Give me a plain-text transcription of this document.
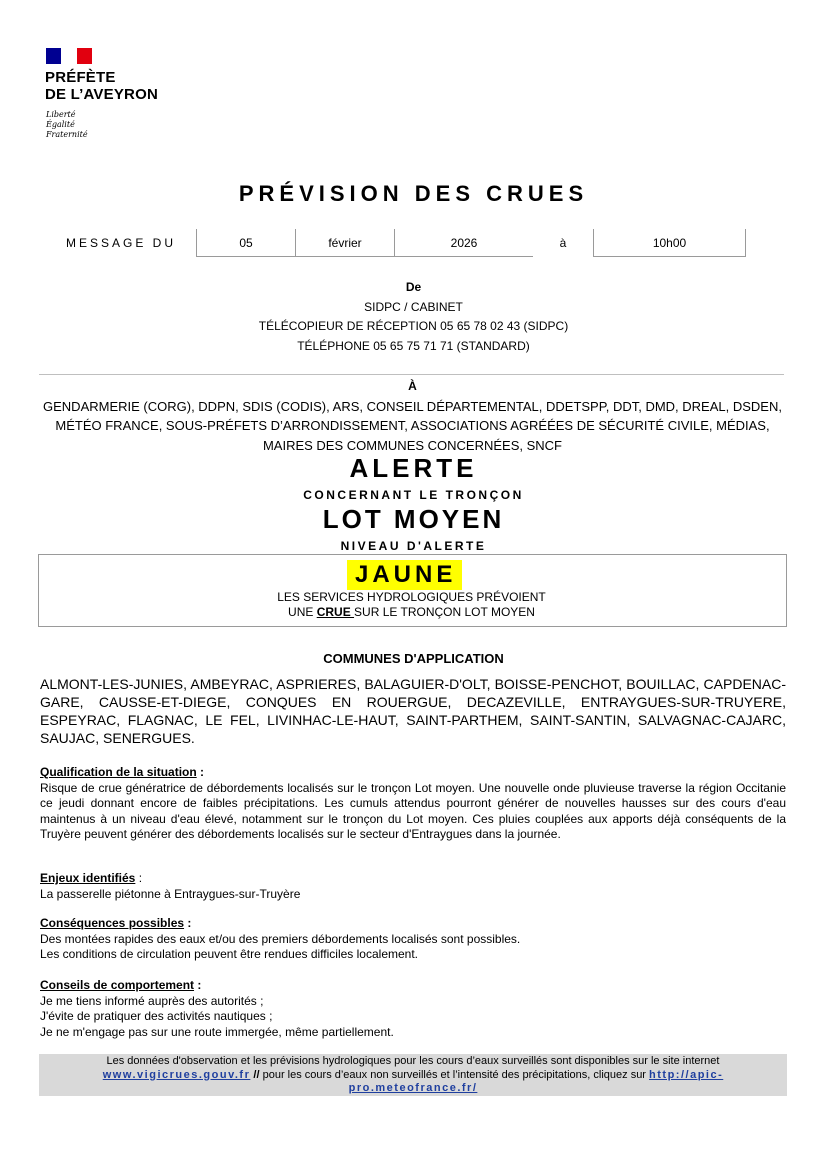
PRÉFÈTE
DE L’AVEYRON
Liberté
Égalité
Fraternité
PRÉVISION DES CRUES
MESSAGE DU	05	février	2026	à	10h00
De
SIDPC / CABINET
TÉLÉCOPIEUR DE RÉCEPTION 05 65 78 02 43 (SIDPC)
TÉLÉPHONE 05 65 75 71 71 (STANDARD)
À
GENDARMERIE (CORG), DDPN, SDIS (CODIS), ARS, CONSEIL DÉPARTEMENTAL, DDETSPP, DDT, DMD, DREAL, DSDEN, MÉTÉO FRANCE, SOUS-PRÉFETS D’ARRONDISSEMENT, ASSOCIATIONS AGRÉÉES DE SÉCURITÉ CIVILE, MÉDIAS, MAIRES DES COMMUNES CONCERNÉES, SNCF
ALERTE
CONCERNANT LE TRONÇON
LOT MOYEN
NIVEAU D'ALERTE
JAUNE
LES SERVICES HYDROLOGIQUES PRÉVOIENT
UNE CRUE SUR LE TRONÇON LOT MOYEN
COMMUNES D'APPLICATION
ALMONT-LES-JUNIES, AMBEYRAC, ASPRIERES, BALAGUIER-D'OLT, BOISSE-PENCHOT, BOUILLAC, CAPDENAC-GARE, CAUSSE-ET-DIEGE, CONQUES EN ROUERGUE, DECAZEVILLE, ENTRAYGUES-SUR-TRUYERE, ESPEYRAC, FLAGNAC, LE FEL, LIVINHAC-LE-HAUT, SAINT-PARTHEM, SAINT-SANTIN, SALVAGNAC-CAJARC, SAUJAC, SENERGUES.
Qualification de la situation :
Risque de crue génératrice de débordements localisés sur le tronçon Lot moyen. Une nouvelle onde pluvieuse traverse la région Occitanie ce jeudi donnant encore de faibles précipitations. Les cumuls attendus pourront générer de nouvelles hausses sur des cours d'eau maintenus à un niveau d'eau élevé, notamment sur le tronçon du Lot moyen. Ces pluies couplées aux apports déjà conséquents de la Truyère peuvent générer des débordements localisés sur le secteur d'Entraygues dans la journée.
Enjeux identifiés :
La passerelle piétonne à Entraygues-sur-Truyère
Conséquences possibles :
Des montées rapides des eaux et/ou des premiers débordements localisés sont possibles.
Les conditions de circulation peuvent être rendues difficiles localement.
Conseils de comportement :
Je me tiens informé auprès des autorités ;
J'évite de pratiquer des activités nautiques ;
Je ne m'engage pas sur une route immergée, même partiellement.
Les données d'observation et les prévisions hydrologiques pour les cours d’eaux surveillés sont disponibles sur le site internet
www.vigicrues.gouv.fr // pour les cours d’eaux non surveillés et l’intensité des précipitations, cliquez sur http://apic-
pro.meteofrance.fr/
